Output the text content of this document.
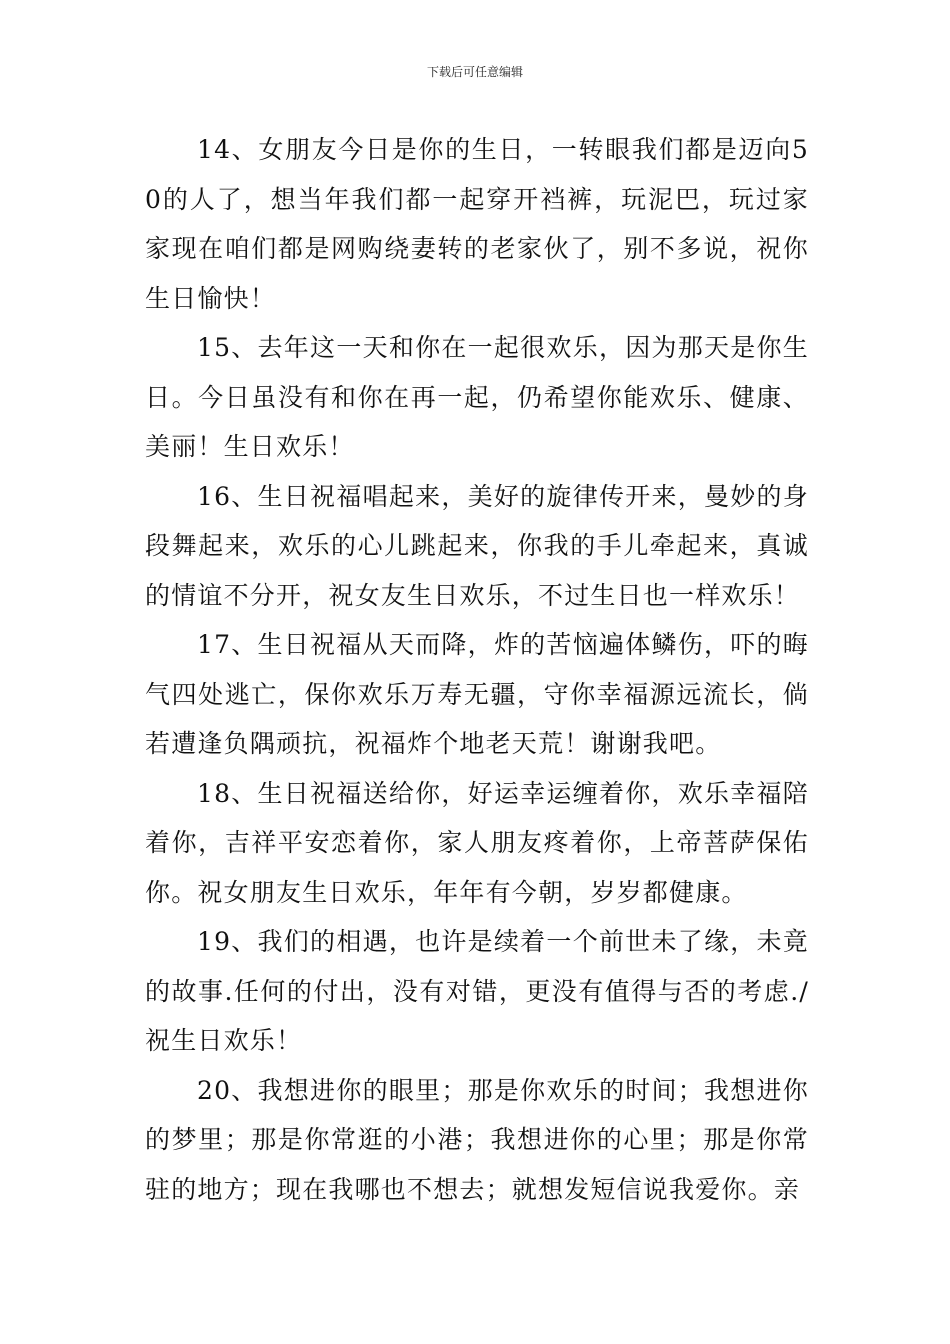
下载后可任意编辑

14、女朋友今日是你的生日，一转眼我们都是迈向50的人了，想当年我们都一起穿开裆裤，玩泥巴，玩过家家现在咱们都是网购绕妻转的老家伙了，别不多说，祝你生日愉快！

15、去年这一天和你在一起很欢乐，因为那天是你生日。今日虽没有和你在再一起，仍希望你能欢乐、健康、美丽！生日欢乐！

16、生日祝福唱起来，美好的旋律传开来，曼妙的身段舞起来，欢乐的心儿跳起来，你我的手儿牵起来，真诚的情谊不分开，祝女友生日欢乐，不过生日也一样欢乐！

17、生日祝福从天而降，炸的苦恼遍体鳞伤，吓的晦气四处逃亡，保你欢乐万寿无疆，守你幸福源远流长，倘若遭逢负隅顽抗，祝福炸个地老天荒！谢谢我吧。

18、生日祝福送给你，好运幸运缠着你，欢乐幸福陪着你，吉祥平安恋着你，家人朋友疼着你，上帝菩萨保佑你。祝女朋友生日欢乐，年年有今朝，岁岁都健康。

19、我们的相遇，也许是续着一个前世未了缘，未竟的故事.任何的付出，没有对错，更没有值得与否的考虑./祝生日欢乐！

20、我想进你的眼里；那是你欢乐的时间；我想进你的梦里；那是你常逛的小港；我想进你的心里；那是你常驻的地方；现在我哪也不想去；就想发短信说我爱你。亲
